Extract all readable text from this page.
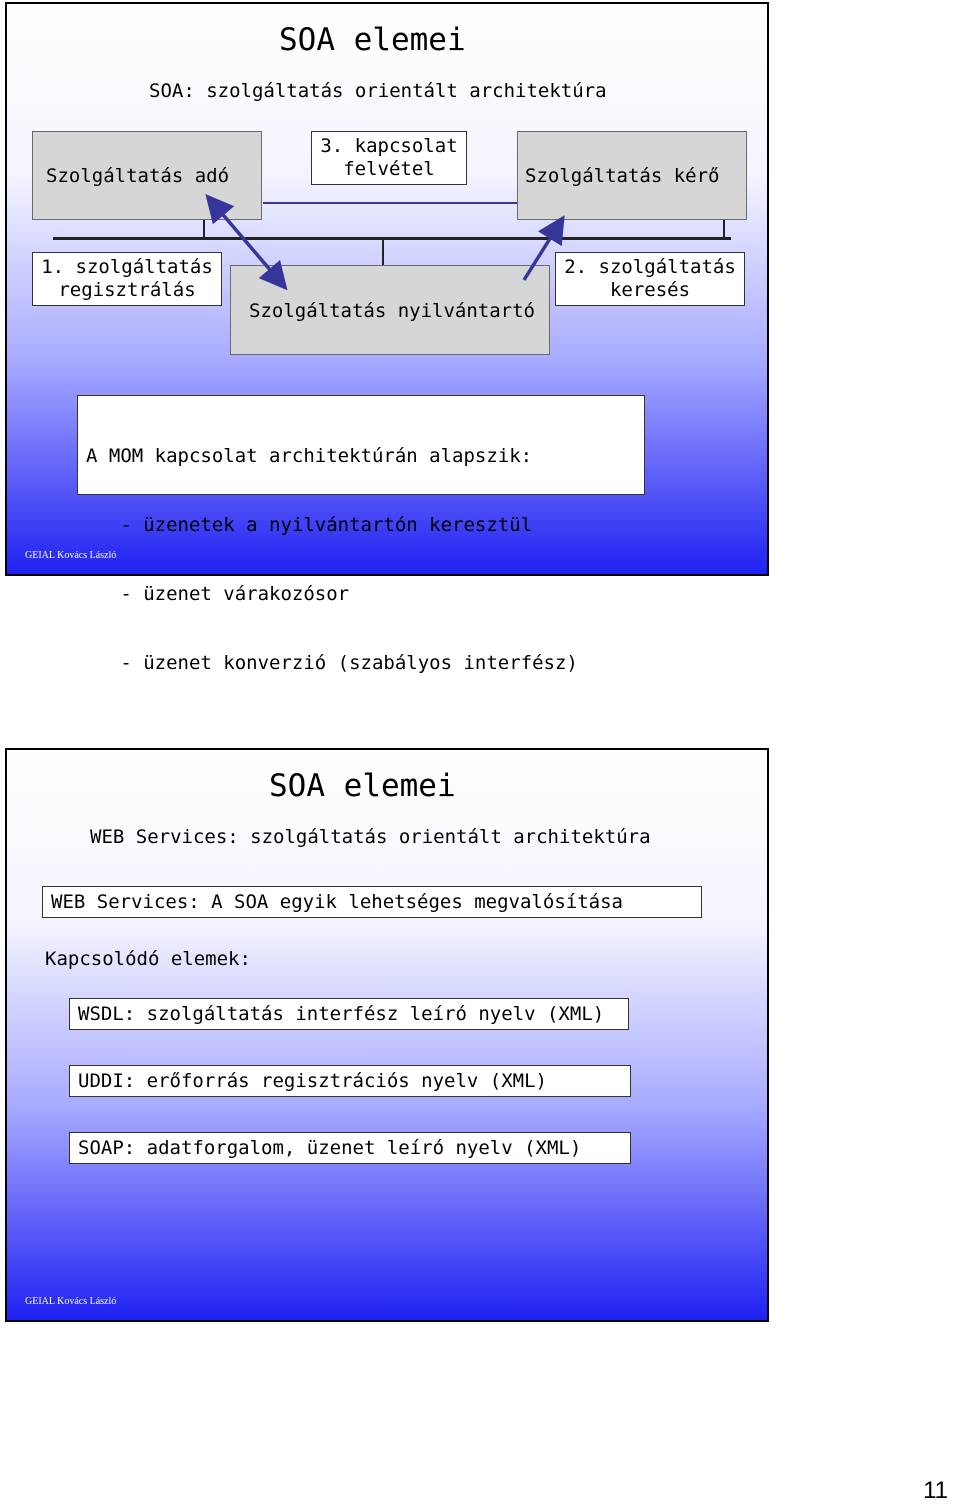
SOA elemei
SOA: szolgáltatás orientált architektúra
Szolgáltatás adó
3. kapcsolat
felvétel	Szolgáltatás kérő
1. szolgáltatás
regisztrálás
Szolgáltatás nyilvántartó
2. szolgáltatás
keresés

A MOM kapcsolat architektúrán alapszik:

- üzenetek a nyilvántartón keresztül

- üzenet várakozósor

- üzenet konverzió (szabályos interfész)

GEIAL Kovács László
SOA elemei
WEB Services: szolgáltatás orientált architektúra
WEB Services: A SOA egyik lehetséges megvalósítása
Kapcsolódó elemek:
WSDL: szolgáltatás interfész leíró nyelv (XML)
UDDI: erőforrás regisztrációs nyelv (XML)
SOAP: adatforgalom, üzenet leíró nyelv (XML)
GEIAL Kovács László
11
